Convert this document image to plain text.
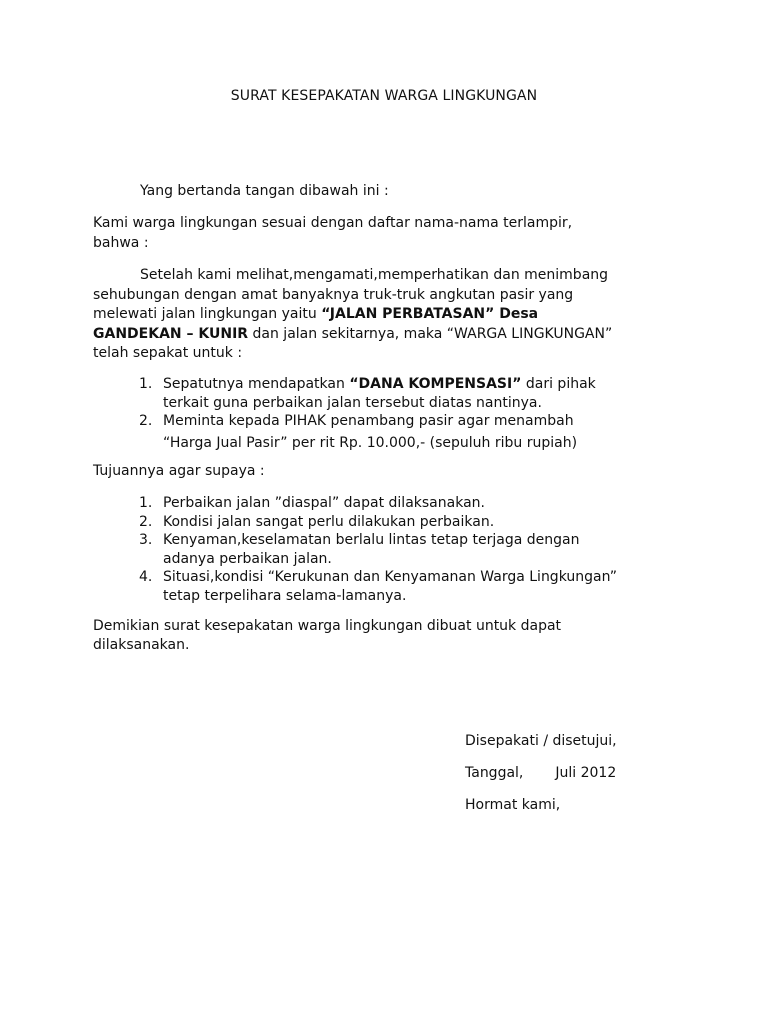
SURAT KESEPAKATAN WARGA LINGKUNGAN
Yang bertanda tangan dibawah ini :
Kami warga lingkungan sesuai dengan daftar nama-nama terlampir,
bahwa :
Setelah kami melihat,mengamati,memperhatikan dan menimbang
sehubungan dengan amat banyaknya truk-truk angkutan pasir yang
melewati jalan lingkungan yaitu “JALAN PERBATASAN” Desa
GANDEKAN – KUNIR dan jalan sekitarnya, maka “WARGA LINGKUNGAN”
telah sepakat untuk :
1. Sepatutnya mendapatkan “DANA KOMPENSASI” dari pihak
terkait guna perbaikan jalan tersebut diatas nantinya.
2. Meminta kepada PIHAK penambang pasir agar menambah
“Harga Jual Pasir” per rit Rp. 10.000,- (sepuluh ribu rupiah)
Tujuannya agar supaya :
1. Perbaikan jalan ”diaspal” dapat dilaksanakan.
2. Kondisi jalan sangat perlu dilakukan perbaikan.
3. Kenyaman,keselamatan berlalu lintas tetap terjaga dengan
adanya perbaikan jalan.
4. Situasi,kondisi “Kerukunan dan Kenyamanan Warga Lingkungan”
tetap terpelihara selama-lamanya.
Demikian surat kesepakatan warga lingkungan dibuat untuk dapat
dilaksanakan.
Disepakati / disetujui,
Tanggal, Juli 2012
Hormat kami,
